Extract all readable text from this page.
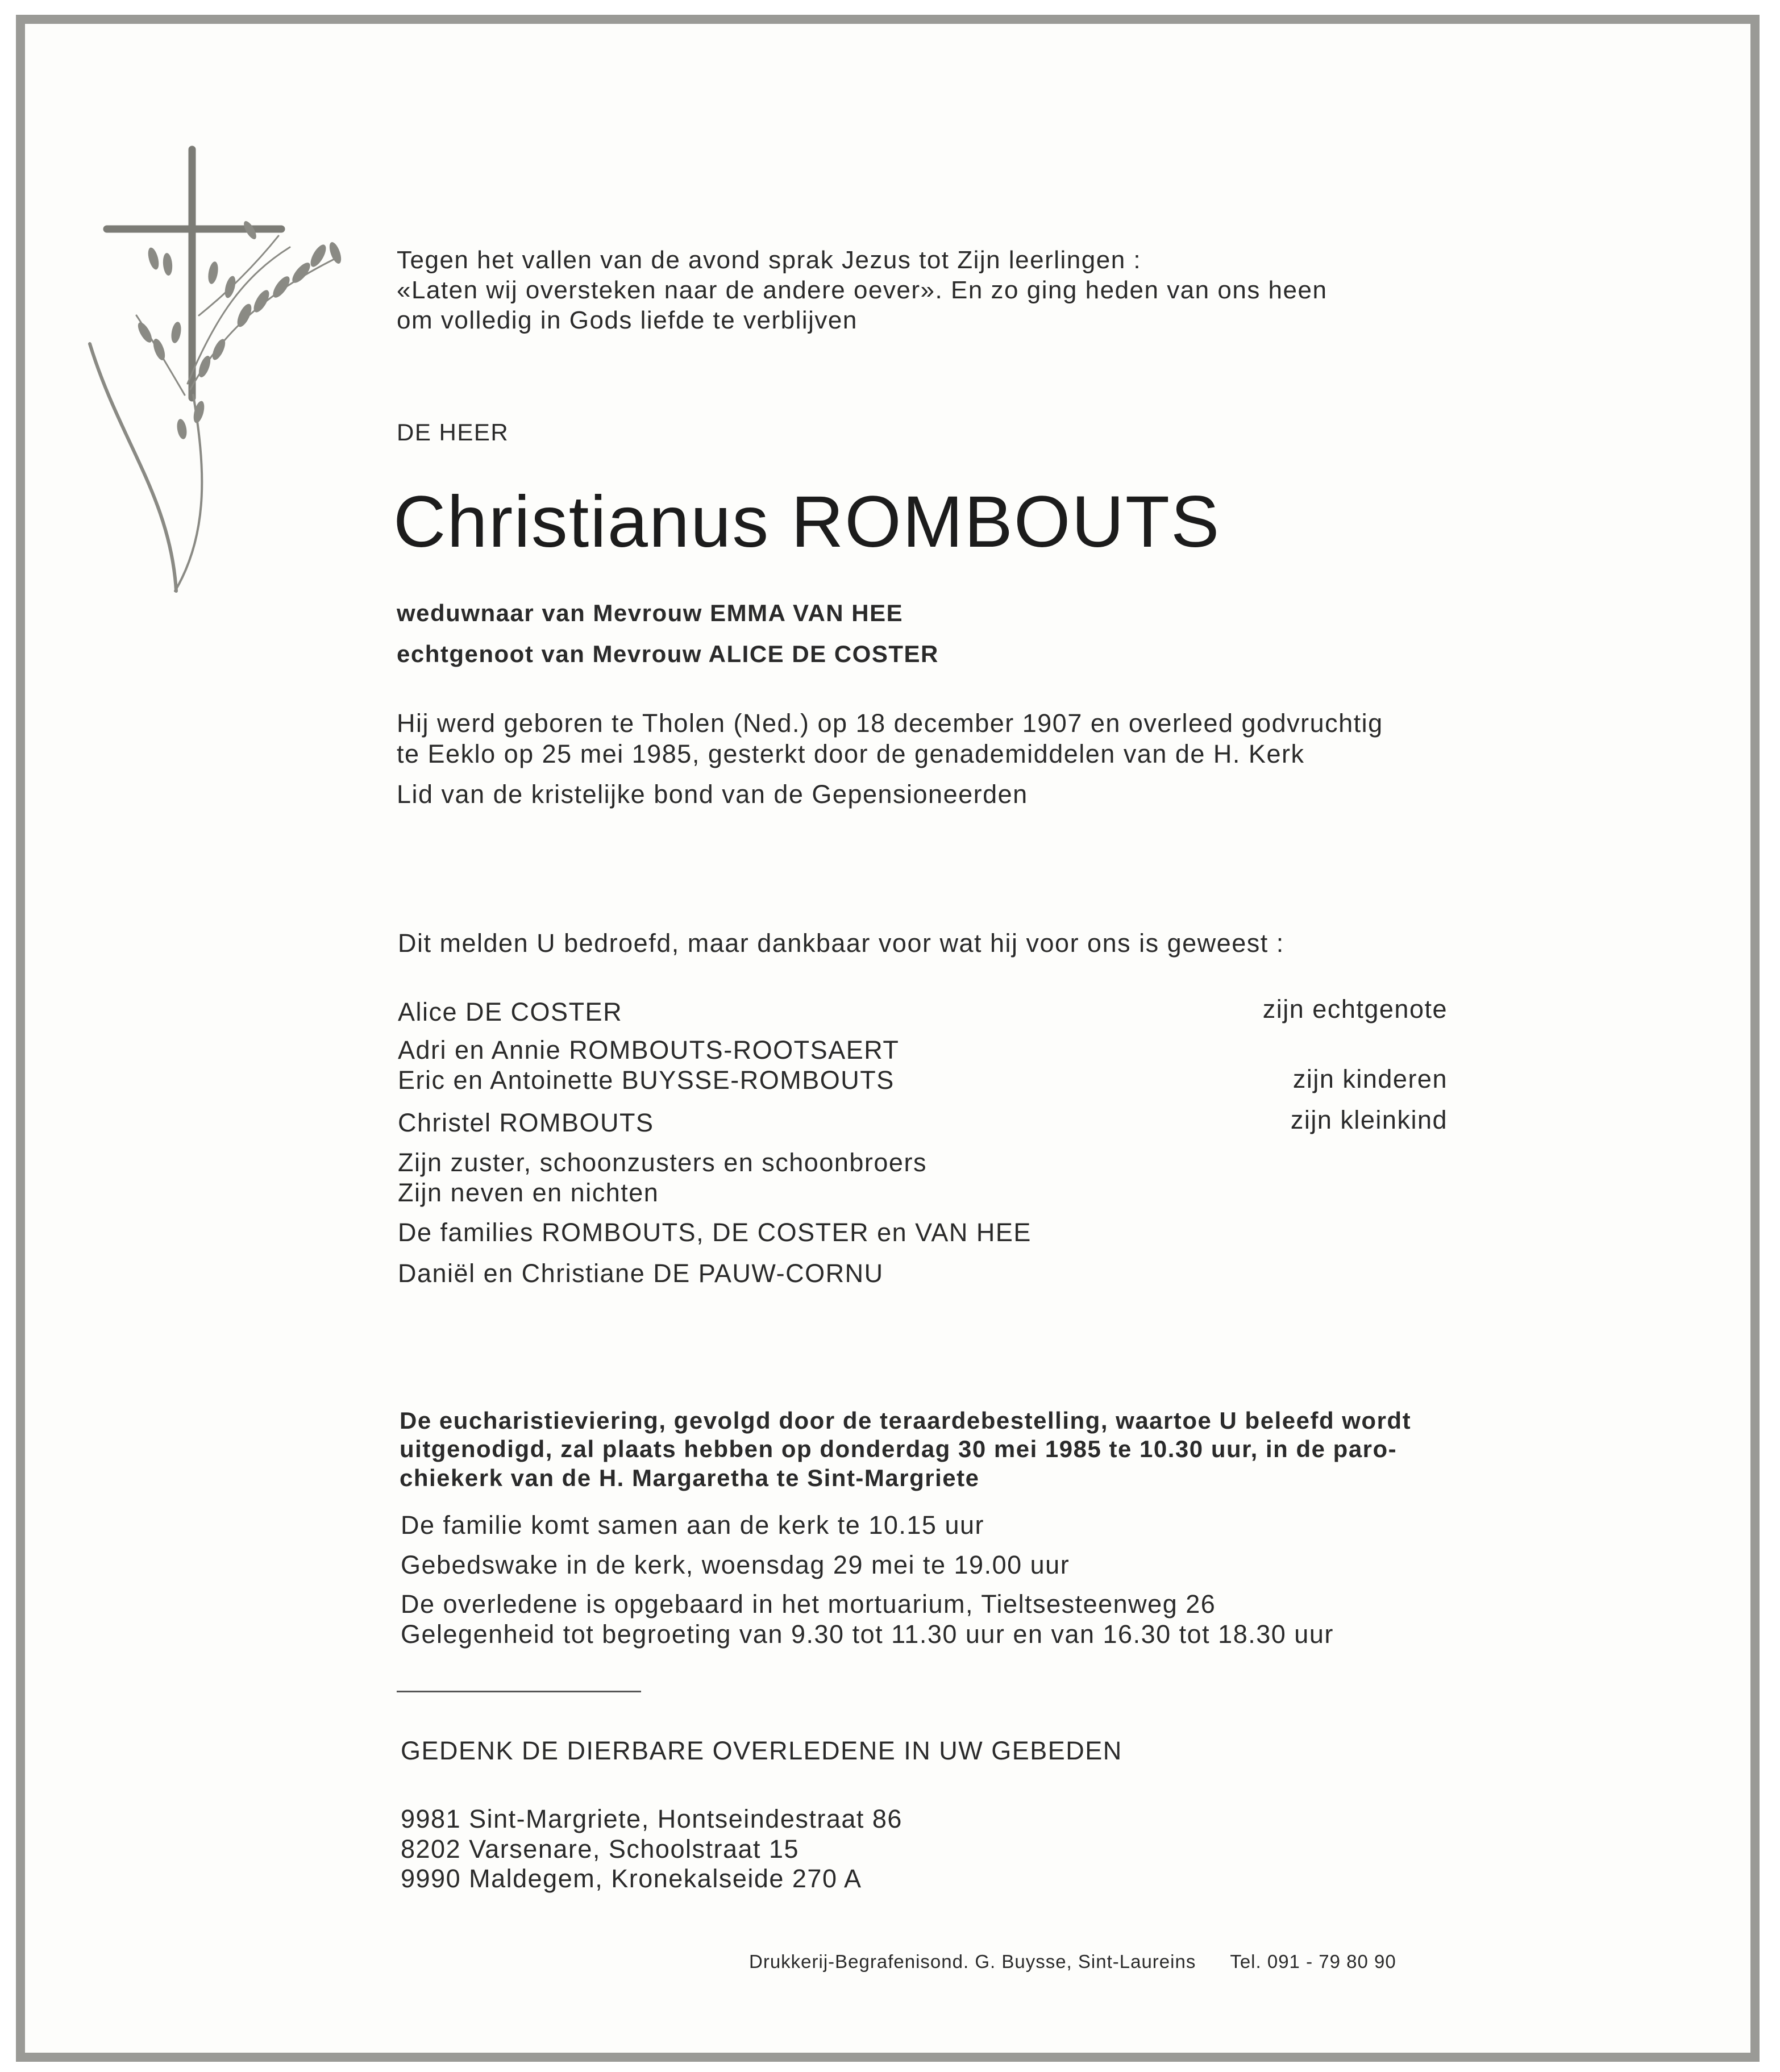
Tegen het vallen van de avond sprak Jezus tot Zijn leerlingen :
«Laten wij oversteken naar de andere oever». En zo ging heden van ons heen
om volledig in Gods liefde te verblijven
DE HEER
Christianus ROMBOUTS
weduwnaar van Mevrouw EMMA VAN HEE
echtgenoot van Mevrouw ALICE DE COSTER
Hij werd geboren te Tholen (Ned.) op 18 december 1907 en overleed godvruchtig
te Eeklo op 25 mei 1985, gesterkt door de genademiddelen van de H. Kerk
Lid van de kristelijke bond van de Gepensioneerden
Dit melden U bedroefd, maar dankbaar voor wat hij voor ons is geweest :
Alice DE COSTER	zijn echtgenote
Adri en Annie ROMBOUTS-ROOTSAERT
Eric en Antoinette BUYSSE-ROMBOUTS	zijn kinderen
Christel ROMBOUTS	zijn kleinkind
Zijn zuster, schoonzusters en schoonbroers
Zijn neven en nichten
De families ROMBOUTS, DE COSTER en VAN HEE
Daniël en Christiane DE PAUW-CORNU
De eucharistieviering, gevolgd door de teraardebestelling, waartoe U beleefd wordt
uitgenodigd, zal plaats hebben op donderdag 30 mei 1985 te 10.30 uur, in de paro-
chiekerk van de H. Margaretha te Sint-Margriete
De familie komt samen aan de kerk te 10.15 uur
Gebedswake in de kerk, woensdag 29 mei te 19.00 uur
De overledene is opgebaard in het mortuarium, Tieltsesteenweg 26
Gelegenheid tot begroeting van 9.30 tot 11.30 uur en van 16.30 tot 18.30 uur
GEDENK DE DIERBARE OVERLEDENE IN UW GEBEDEN
9981 Sint-Margriete, Hontseindestraat 86
8202 Varsenare, Schoolstraat 15
9990 Maldegem, Kronekalseide 270 A
Drukkerij-Begrafenisond. G. Buysse, Sint-Laureins Tel. 091 - 79 80 90
